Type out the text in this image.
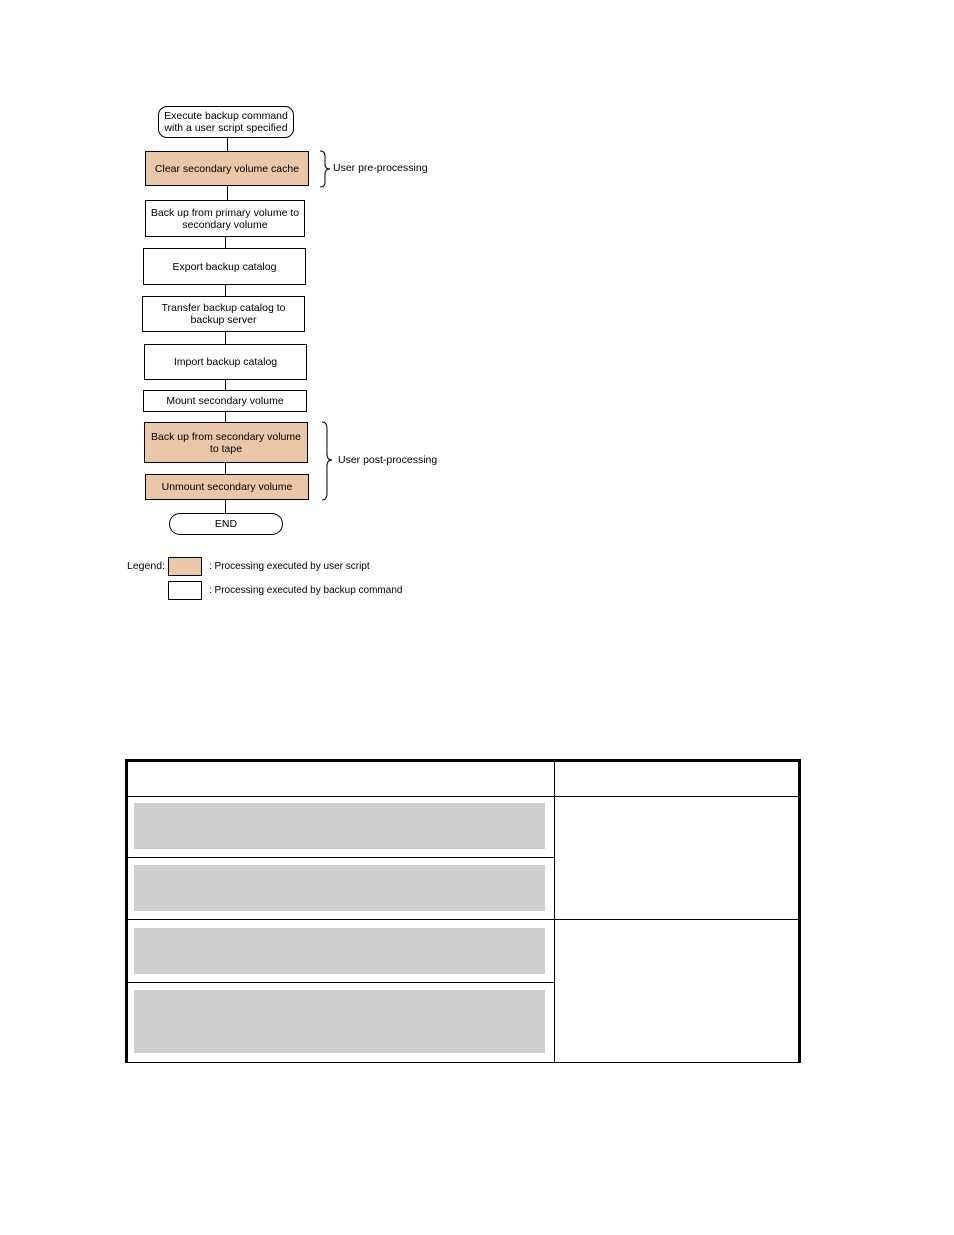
Execute backup command
with a user script specified
Clear secondary volume cache
Back up from primary volume to
secondary volume
Export backup catalog
Transfer backup catalog to
backup server
Import backup catalog
Mount secondary volume
Back up from secondary volume
to tape
Unmount secondary volume
END
User pre-processing
User post-processing
Legend:	: Processing executed by user script
: Processing executed by backup command
